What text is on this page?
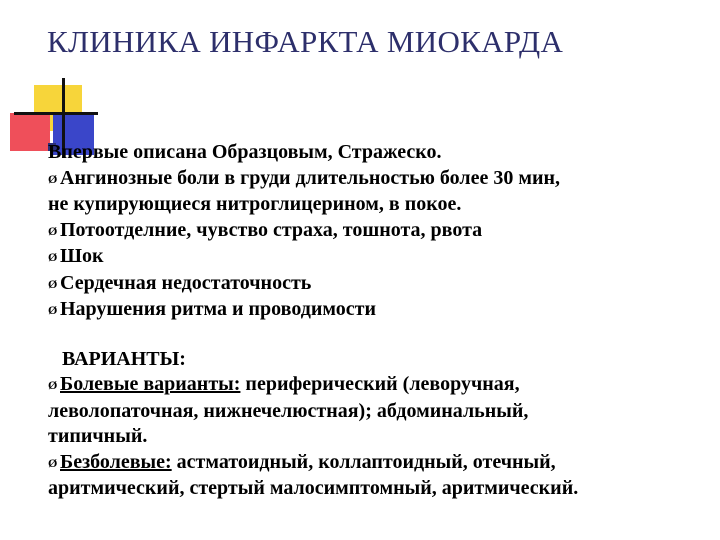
КЛИНИКА ИНФАРКТА МИОКАРДА

Впервые описана Образцовым, Стражеско.

Ø Ангинозные боли в груди длительностью более 30 мин,

не купирующиеся нитроглицерином, в покое.

Ø Потоотделние, чувство страха, тошнота, рвота

Ø Шок

Ø Сердечная недостаточность

Ø Нарушения ритма и проводимости

ВАРИАНТЫ:

Ø Болевые варианты: периферический (леворучная,

леволопаточная, нижнечелюстная); абдоминальный,

типичный.

Ø Безболевые: астматоидный, коллаптоидный, отечный,

аритмический, стертый малосимптомный, аритмический.
